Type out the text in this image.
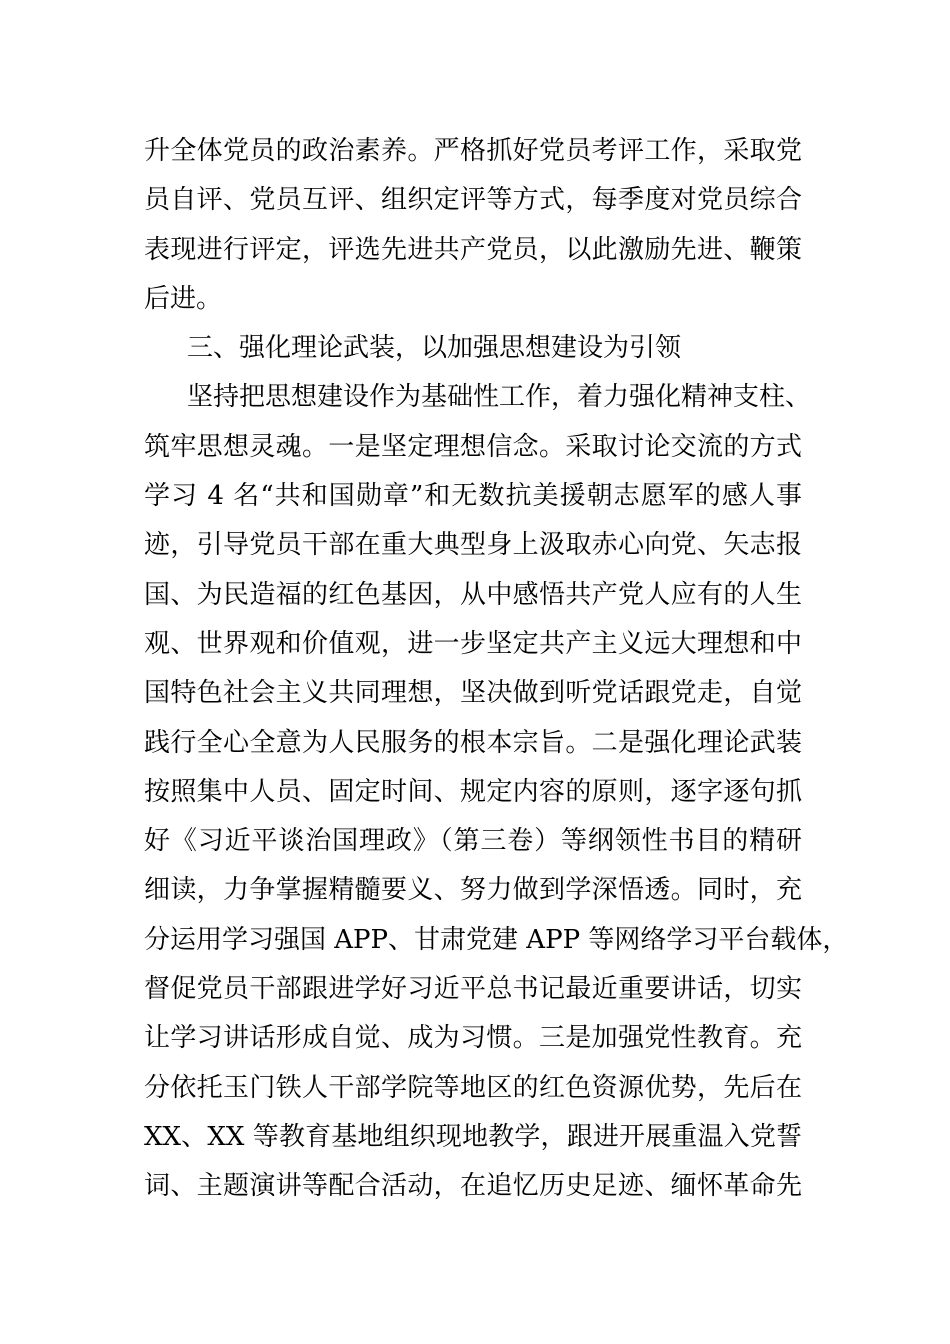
升全体党员的政治素养。严格抓好党员考评工作，采取党
员自评、党员互评、组织定评等方式，每季度对党员综合
表现进行评定，评选先进共产党员，以此激励先进、鞭策
后进。
三、强化理论武装，以加强思想建设为引领
坚持把思想建设作为基础性工作，着力强化精神支柱、
筑牢思想灵魂。一是坚定理想信念。采取讨论交流的方式
学习 4 名“共和国勋章”和无数抗美援朝志愿军的感人事
迹，引导党员干部在重大典型身上汲取赤心向党、矢志报
国、为民造福的红色基因，从中感悟共产党人应有的人生
观、世界观和价值观，进一步坚定共产主义远大理想和中
国特色社会主义共同理想，坚决做到听党话跟党走，自觉
践行全心全意为人民服务的根本宗旨。二是强化理论武装
按照集中人员、固定时间、规定内容的原则，逐字逐句抓
好《习近平谈治国理政》（第三卷）等纲领性书目的精研
细读，力争掌握精髓要义、努力做到学深悟透。同时，充
分运用学习强国 APP、甘肃党建 APP 等网络学习平台载体，
督促党员干部跟进学好习近平总书记最近重要讲话，切实
让学习讲话形成自觉、成为习惯。三是加强党性教育。充
分依托玉门铁人干部学院等地区的红色资源优势，先后在
XX、XX 等教育基地组织现地教学，跟进开展重温入党誓
词、主题演讲等配合活动，在追忆历史足迹、缅怀革命先
